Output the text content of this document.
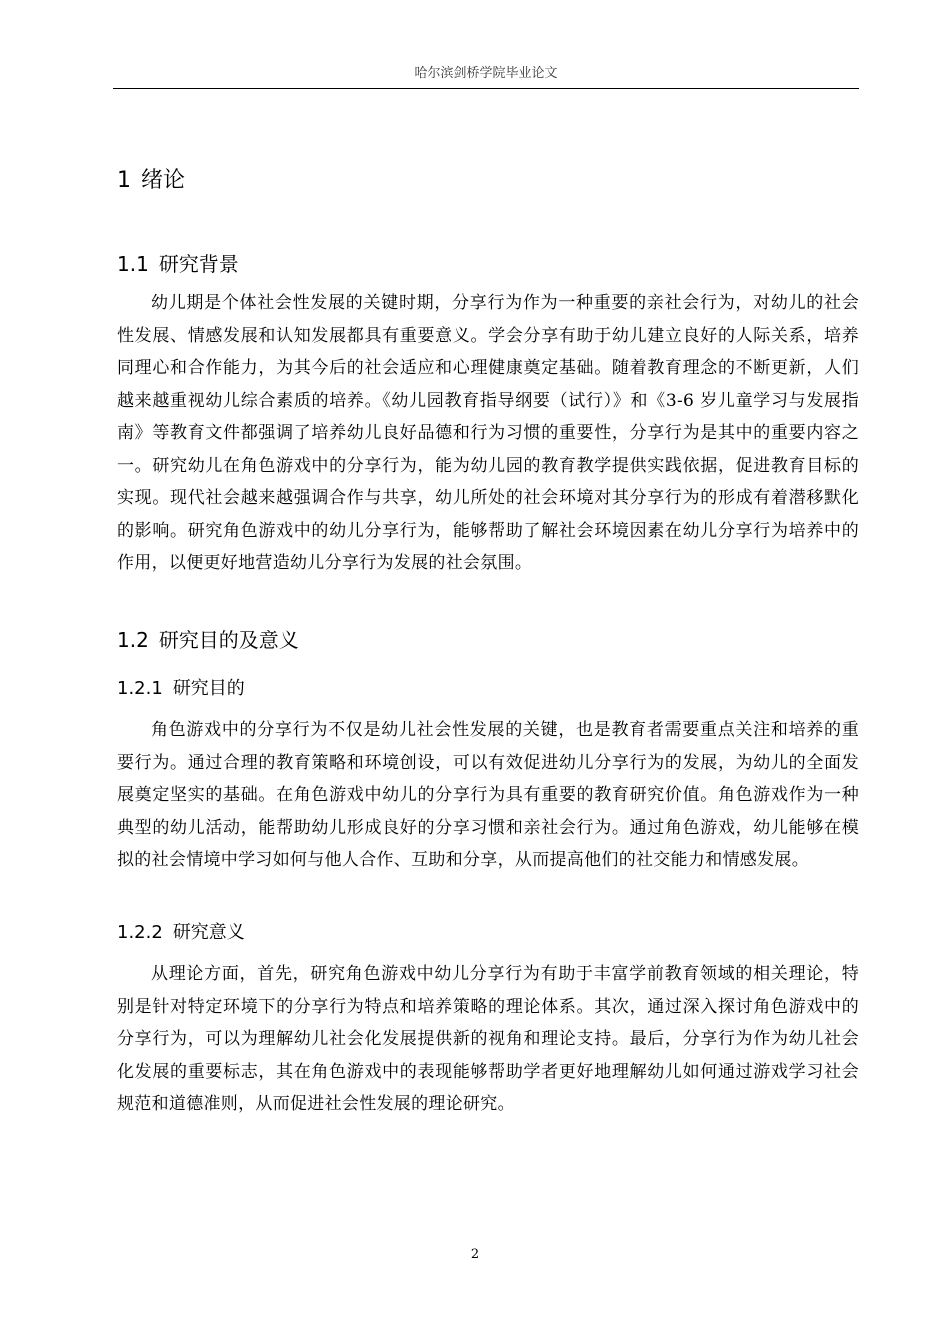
哈尔滨剑桥学院毕业论文
1 绪论
1.1 研究背景

幼儿期是个体社会性发展的关键时期，分享行为作为一种重要的亲社会行为，对幼儿的社会性发展、情感发展和认知发展都具有重要意义。学会分享有助于幼儿建立良好的人际关系，培养同理心和合作能力，为其今后的社会适应和心理健康奠定基础。随着教育理念的不断更新，人们越来越重视幼儿综合素质的培养。《幼儿园教育指导纲要（试行）》和《3-6 岁儿童学习与发展指南》等教育文件都强调了培养幼儿良好品德和行为习惯的重要性，分享行为是其中的重要内容之一。研究幼儿在角色游戏中的分享行为，能为幼儿园的教育教学提供实践依据，促进教育目标的实现。现代社会越来越强调合作与共享，幼儿所处的社会环境对其分享行为的形成有着潜移默化的影响。研究角色游戏中的幼儿分享行为，能够帮助了解社会环境因素在幼儿分享行为培养中的作用，以便更好地营造幼儿分享行为发展的社会氛围。

1.2 研究目的及意义
1.2.1 研究目的

角色游戏中的分享行为不仅是幼儿社会性发展的关键，也是教育者需要重点关注和培养的重要行为。通过合理的教育策略和环境创设，可以有效促进幼儿分享行为的发展，为幼儿的全面发展奠定坚实的基础。在角色游戏中幼儿的分享行为具有重要的教育研究价值。角色游戏作为一种典型的幼儿活动，能帮助幼儿形成良好的分享习惯和亲社会行为。通过角色游戏，幼儿能够在模拟的社会情境中学习如何与他人合作、互助和分享，从而提高他们的社交能力和情感发展。

1.2.2 研究意义

从理论方面，首先，研究角色游戏中幼儿分享行为有助于丰富学前教育领域的相关理论，特别是针对特定环境下的分享行为特点和培养策略的理论体系。其次，通过深入探讨角色游戏中的分享行为，可以为理解幼儿社会化发展提供新的视角和理论支持。最后，分享行为作为幼儿社会化发展的重要标志，其在角色游戏中的表现能够帮助学者更好地理解幼儿如何通过游戏学习社会规范和道德准则，从而促进社会性发展的理论研究。

2
